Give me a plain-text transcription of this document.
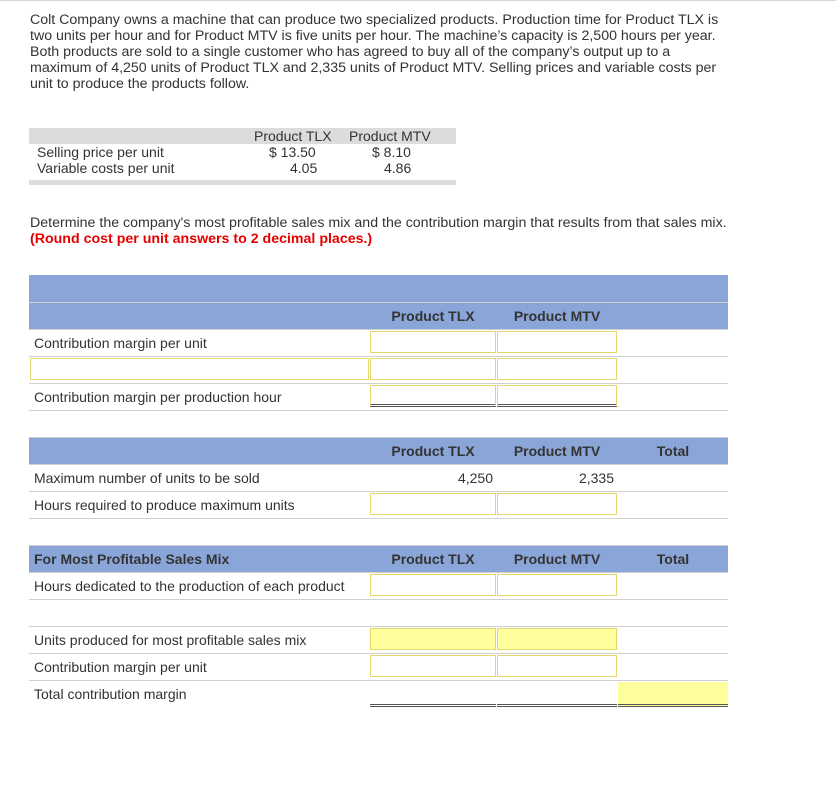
Colt Company owns a machine that can produce two specialized products. Production time for Product TLX is two units per hour and for Product MTV is five units per hour. The machine’s capacity is 2,500 hours per year. Both products are sold to a single customer who has agreed to buy all of the company’s output up to a maximum of 4,250 units of Product TLX and 2,335 units of Product MTV. Selling prices and variable costs per unit to produce the products follow.

Product TLX Product MTV
Selling price per unit	$ 13.50	$ 8.10
Variable costs per unit	4.05	4.86

Determine the company's most profitable sales mix and the contribution margin that results from that sales mix. (Round cost per unit answers to 2 decimal places.)

Product TLX	Product MTV
Contribution margin per unit
Contribution margin per production hour
Product TLX	Product MTV	Total
Maximum number of units to be sold	4,250	2,335
Hours required to produce maximum units
For Most Profitable Sales Mix	Product TLX	Product MTV	Total
Hours dedicated to the production of each product
Units produced for most profitable sales mix
Contribution margin per unit
Total contribution margin
